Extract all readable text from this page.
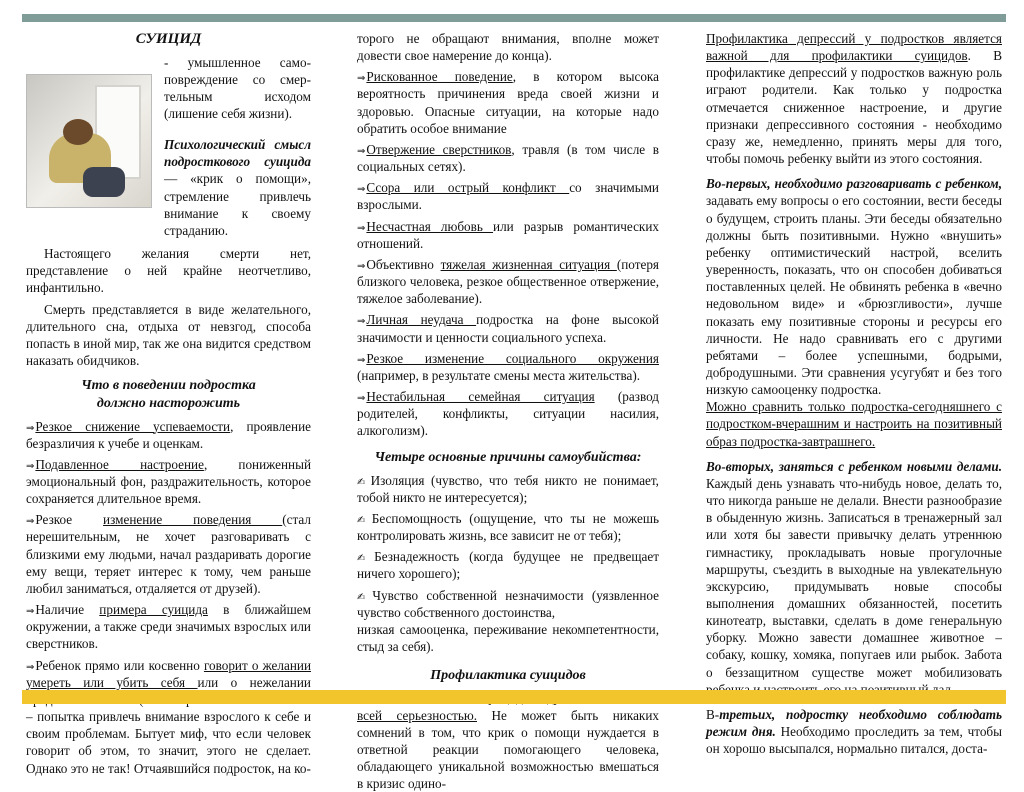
СУИЦИД

- умышленное само-повреждение со смер-тельным исходом (лишение себя жизни).

Психологический смысл подросткового суицида — «крик о помощи», стремление привлечь внимание к своему страданию.

Настоящего желания смерти нет, представление о ней крайне неотчетливо, инфантильно.

Смерть представляется в виде желательного, длительного сна, отдыха от невзгод, способа попасть в иной мир, так же она видится средством наказать обидчиков.

Что в поведении подростка
должно насторожить

⇒Резкое снижение успеваемости, проявление безразличия к учебе и оценкам.

⇒Подавленное настроение, пониженный эмоциональный фон, раздражительность, которое сохраняется длительное время.

⇒Резкое изменение поведения (стал нерешительным, не хочет разговаривать с близкими ему людьми, начал раздаривать дорогие ему вещи, теряет интерес к тому, чем раньше любил заниматься, отдаляется от друзей).

⇒Наличие примера суицида в ближайшем окружении, а также среди значимых взрослых или сверстников.

⇒Ребенок прямо или косвенно говорит о желании умереть или убить себя или о нежелании – попытка привлечь внимание взрослого к себе и своим проблемам. Бытует миф, что если человек говорит об этом, то значит, этого не сделает. Однако это не так! Отчаявшийся подросток, на ко-

торого не обращают внимания, вполне может довести свое намерение до конца).

⇒Рискованное поведение, в котором высока вероятность причинения вреда своей жизни и здоровью. Опасные ситуации, на которые надо обратить особое внимание

⇒Отвержение сверстников, травля (в том числе в социальных сетях).

⇒Ссора или острый конфликт со значимыми взрослыми.

⇒Несчастная любовь или разрыв романтических отношений.

⇒Объективно тяжелая жизненная ситуация (потеря близкого человека, резкое общественное отвержение, тяжелое заболевание).

⇒Личная неудача подростка на фоне высокой значимости и ценности социального успеха.

⇒Резкое изменение социального окружения (например, в результате смены места жительства).

⇒Нестабильная семейная ситуация (развод родителей, конфликты, ситуации насилия, алкоголизм).

Четыре основные причины самоубийства:

✍ Изоляция (чувство, что тебя никто не понимает, тобой никто не интересуется);

✍ Беспомощность (ощущение, что ты не можешь контролировать жизнь, все зависит не от тебя);

✍ Безнадежность (когда будущее не предвещает ничего хорошего);

✍ Чувство собственной незначимости (уязвленное чувство собственного достоинства,

низкая самооценка, переживание некомпетентности, стыд за себя).

Профилактика суицидов

всей серьезностью. Не может быть никаких сомнений в том, что крик о помощи нуждается в ответной реакции помогающего человека, обладающего уникальной возможностью вмешаться в кризис одино-

Профилактика депрессий у подростков является важной для профилактики суицидов. В профилактике депрессий у подростков важную роль играют родители. Как только у подростка отмечается сниженное настроение, и другие признаки депрессивного состояния - необходимо сразу же, немедленно, принять меры для того, чтобы помочь ребенку выйти из этого состояния.

Во-первых, необходимо разговаривать с ребенком, задавать ему вопросы о его состоянии, вести беседы о будущем, строить планы. Эти беседы обязательно должны быть позитивными. Нужно «внушить» ребенку оптимистический настрой, вселить уверенность, показать, что он способен добиваться поставленных целей. Не обвинять ребенка в «вечно недовольном виде» и «брюзгливости», лучше показать ему позитивные стороны и ресурсы его личности. Не надо сравнивать его с другими ребятами – более успешными, бодрыми, добродушными. Эти сравнения усугубят и без того низкую самооценку подростка.

Можно сравнить только подростка-сегодняшнего с подростком-вчерашним и настроить на позитивный образ подростка-завтрашнего.

Во-вторых, заняться с ребенком новыми делами. Каждый день узнавать что-нибудь новое, делать то, что никогда раньше не делали. Внести разнообразие в обыденную жизнь. Записаться в тренажерный зал или хотя бы завести привычку делать утреннюю гимнастику, прокладывать новые прогулочные маршруты, съездить в выходные на увлекательную экскурсию, придумывать новые способы выполнения домашних обязанностей, посетить кинотеатр, выставки, сделать в доме генеральную уборку. Можно завести домашнее животное – собаку, кошку, хомяка, попугаев или рыбок. Забота о беззащитном существе может мобилизовать

В-третьих, подростку необходимо соблюдать режим дня. Необходимо проследить за тем, чтобы он хорошо высыпался, нормально питался, доста-
